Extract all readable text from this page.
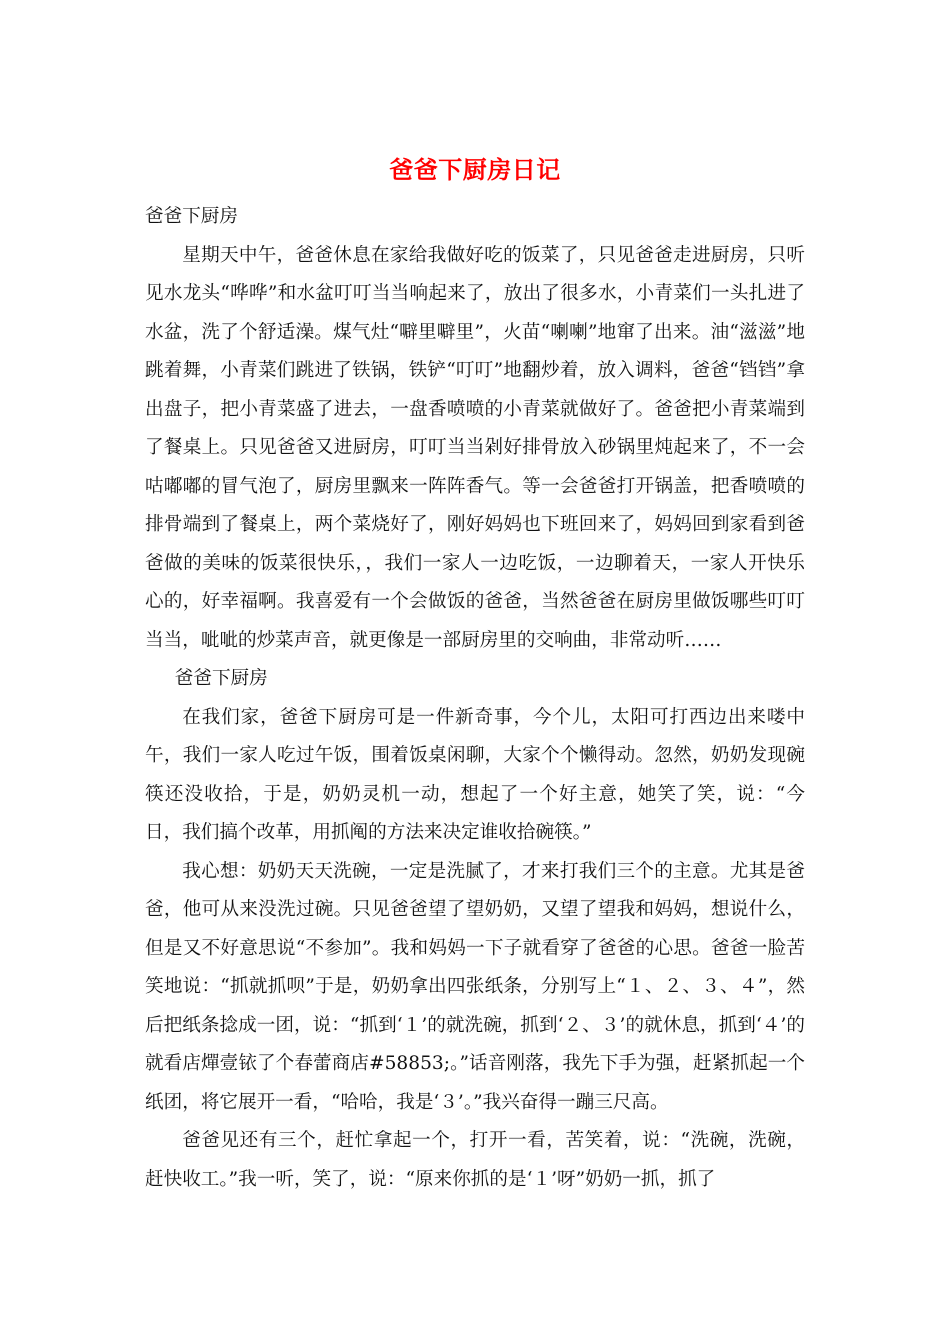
爸爸下厨房日记

爸爸下厨房

星期天中午，爸爸休息在家给我做好吃的饭菜了，只见爸爸走进厨房，只听见水龙头“哗哗”和水盆叮叮当当响起来了，放出了很多水，小青菜们一头扎进了水盆，洗了个舒适澡。煤气灶“噼里噼里”，火苗“喇喇”地窜了出来。油“滋滋”地跳着舞，小青菜们跳进了铁锅，铁铲“叮叮”地翻炒着，放入调料，爸爸“铛铛”拿出盘子，把小青菜盛了进去，一盘香喷喷的小青菜就做好了。爸爸把小青菜端到了餐桌上。只见爸爸又进厨房，叮叮当当剁好排骨放入砂锅里炖起来了，不一会咕嘟嘟的冒气泡了，厨房里飘来一阵阵香气。等一会爸爸打开锅盖，把香喷喷的排骨端到了餐桌上，两个菜烧好了，刚好妈妈也下班回来了，妈妈回到家看到爸爸做的美味的饭菜很快乐，，我们一家人一边吃饭，一边聊着天，一家人开快乐心的，好幸福啊。我喜爱有一个会做饭的爸爸，当然爸爸在厨房里做饭哪些叮叮当当，呲呲的炒菜声音，就更像是一部厨房里的交响曲，非常动听……

爸爸下厨房

在我们家，爸爸下厨房可是一件新奇事，今个儿，太阳可打西边出来喽中午，我们一家人吃过午饭，围着饭桌闲聊，大家个个懒得动。忽然，奶奶发现碗筷还没收拾，于是，奶奶灵机一动，想起了一个好主意，她笑了笑，说：“今日，我们搞个改革，用抓阄的方法来决定谁收拾碗筷。”

我心想：奶奶天天洗碗，一定是洗腻了，才来打我们三个的主意。尤其是爸爸，他可从来没洗过碗。只见爸爸望了望奶奶，又望了望我和妈妈，想说什么，但是又不好意思说“不参加”。我和妈妈一下子就看穿了爸爸的心思。爸爸一脸苦笑地说：“抓就抓呗”于是，奶奶拿出四张纸条，分别写上“１、２、３、４”，然后把纸条捻成一团，说：“抓到‘１’的就洗碗，抓到‘２、３’的就休息，抓到‘４’的就看店燀壹铱了个春蕾商店#58853;。”话音刚落，我先下手为强，赶紧抓起一个纸团，将它展开一看，“哈哈，我是‘３’。”我兴奋得一蹦三尺高。

爸爸见还有三个，赶忙拿起一个，打开一看，苦笑着，说：“洗碗，洗碗，赶快收工。”我一听，笑了，说：“原来你抓的是‘１’呀”奶奶一抓，抓了
